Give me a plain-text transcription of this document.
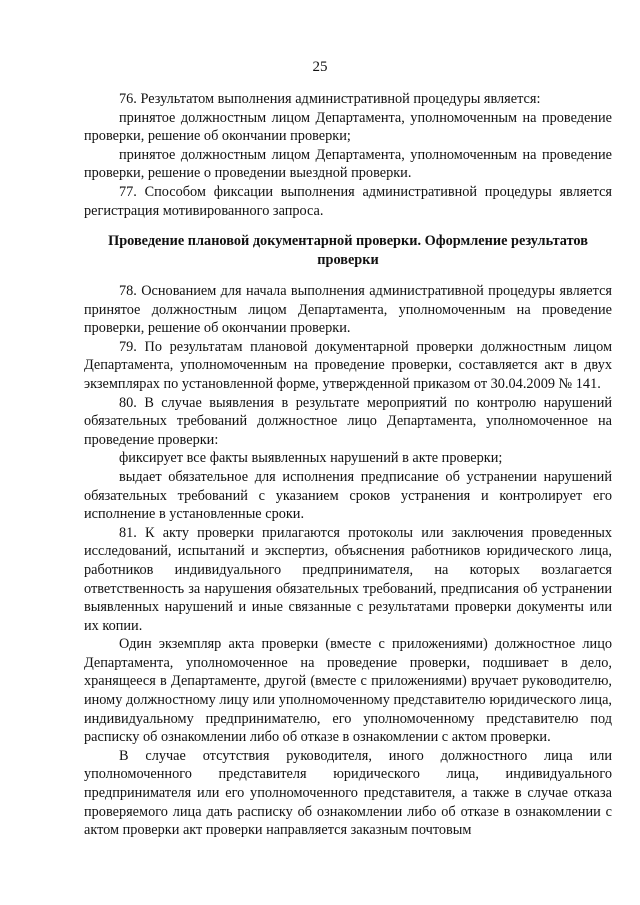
25

76. Результатом выполнения административной процедуры является:

принятое должностным лицом Департамента, уполномоченным на проведение проверки, решение об окончании проверки;

принятое должностным лицом Департамента, уполномоченным на проведение проверки, решение о проведении выездной проверки.

77. Способом фиксации выполнения административной процедуры является регистрация мотивированного запроса.

Проведение плановой документарной проверки. Оформление результатов проверки

78. Основанием для начала выполнения административной процедуры является принятое должностным лицом Департамента, уполномоченным на проведение проверки, решение об окончании проверки.

79. По результатам плановой документарной проверки должностным лицом Департамента, уполномоченным на проведение проверки, составляется акт в двух экземплярах по установленной форме, утвержденной приказом от 30.04.2009 № 141.

80. В случае выявления в результате мероприятий по контролю нарушений обязательных требований должностное лицо Департамента, уполномоченное на проведение проверки:

фиксирует все факты выявленных нарушений в акте проверки;

выдает обязательное для исполнения предписание об устранении нарушений обязательных требований с указанием сроков устранения и контролирует его исполнение в установленные сроки.

81. К акту проверки прилагаются протоколы или заключения проведенных исследований, испытаний и экспертиз, объяснения работников юридического лица, работников индивидуального предпринимателя, на которых возлагается ответственность за нарушения обязательных требований, предписания об устранении выявленных нарушений и иные связанные с результатами проверки документы или их копии.

Один экземпляр акта проверки (вместе с приложениями) должностное лицо Департамента, уполномоченное на проведение проверки, подшивает в дело, хранящееся в Департаменте, другой (вместе с приложениями) вручает руководителю, иному должностному лицу или уполномоченному представителю юридического лица, индивидуальному предпринимателю, его уполномоченному представителю под расписку об ознакомлении либо об отказе в ознакомлении с актом проверки.

В случае отсутствия руководителя, иного должностного лица или уполномоченного представителя юридического лица, индивидуального предпринимателя или его уполномоченного представителя, а также в случае отказа проверяемого лица дать расписку об ознакомлении либо об отказе в ознакомлении с актом проверки акт проверки направляется заказным почтовым
